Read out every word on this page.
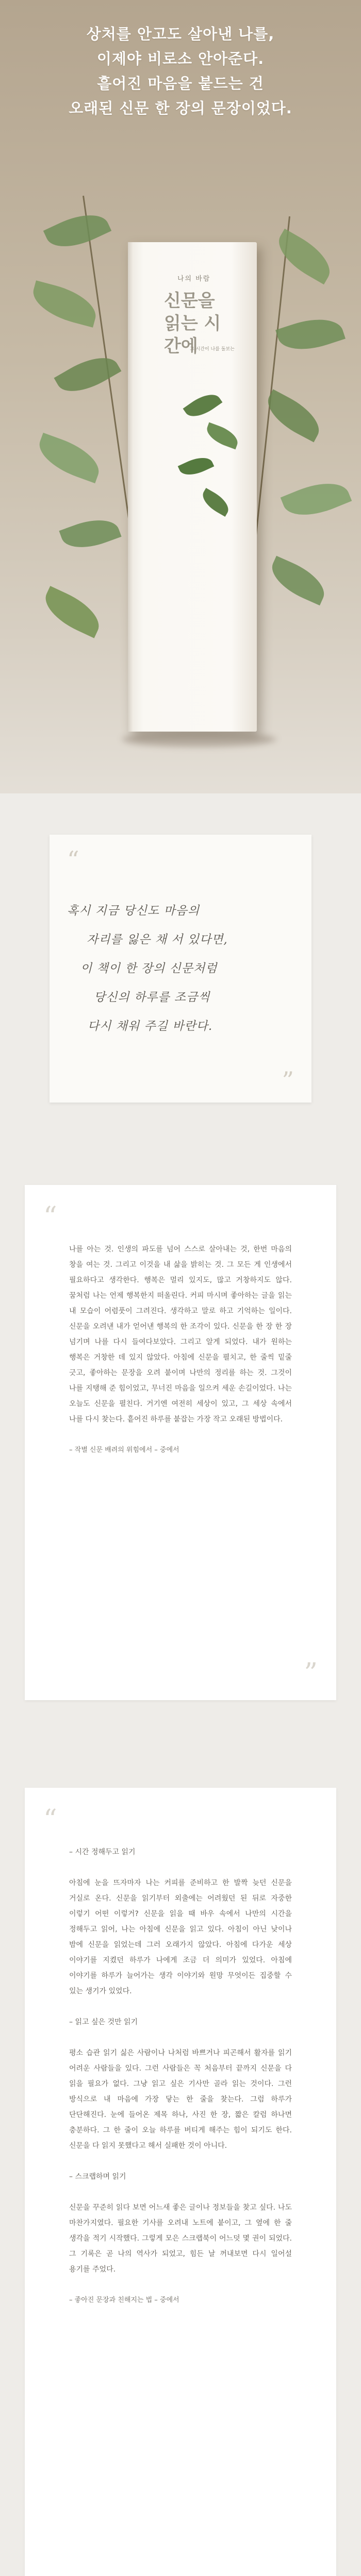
상처를 안고도 살아낸 나를,
이제야 비로소 안아준다.
흩어진 마음을 붙드는 건
오래된 신문 한 장의 문장이었다.
나의 바람
신문을 읽는 시간에
그 시간이 나를 돌보는
“
혹시 지금 당신도 마음의
자리를 잃은 채 서 있다면,
이 책이 한 장의 신문처럼
당신의 하루를 조금씩
다시 채워 주길 바란다.
”
“
나를 아는 것. 인생의 파도를 넘어 스스로 살아내는 것, 한번 마음의 창을 여는 것. 그리고 이것을 내 삶을 밝히는 것. 그 모든 게 인생에서 필요하다고 생각한다. 행복은 멀리 있지도, 많고 거창하지도 않다. 꿈처럼 나는 언제 행복한지 떠올린다. 커피 마시며 좋아하는 글을 읽는 내 모습이 어렴풋이 그려진다. 생각하고 말로 하고 기억하는 일이다. 신문을 오려낸 내가 얻어낸 행복의 한 조각이 있다. 신문을 한 장 한 장 넘기며 나를 다시 들여다보았다. 그리고 알게 되었다. 내가 원하는 행복은 거창한 데 있지 않았다. 아침에 신문을 펼치고, 한 줄씩 밑줄 긋고, 좋아하는 문장을 오려 붙이며 나만의 정리를 하는 것. 그것이 나를 지탱해 준 힘이었고, 무너진 마음을 일으켜 세운 손길이었다. 나는 오늘도 신문을 펼친다. 거기엔 여전히 세상이 있고, 그 세상 속에서 나를 다시 찾는다. 흩어진 하루를 붙잡는 가장 작고 오래된 방법이다.
– 작별 신문 배려의 위힘에서 – 중에서
”
“
– 시간 정해두고 읽기
아침에 눈을 뜨자마자 나는 커피를 준비하고 한 발짝 늦던 신문을 거실로 온다. 신문을 읽기부터 외출에는 어려웠던 된 뒤로 자중한 이렇기 어떤 이렇거? 신문을 읽을 때 바우 속에서 나만의 시간을 정해두고 읽어, 나는 아침에 신문을 읽고 있다. 아침이 아닌 낮이나 밤에 신문을 읽었는데 그러 오래가지 않았다. 아침에 다가운 세상 이야기를 지켰던 하루가 나에게 조금 더 의미가 있었다. 아침에 이야기를 하루가 늘어가는 생각 이야기와 원망 무엇이든 집중할 수 있는 생기가 있었다.
– 읽고 싶은 것만 읽기
평소 습관 읽기 싫은 사람이나 나처럼 바쁘거나 피곤해서 활자를 읽기 어려운 사람들을 있다. 그런 사람들은 꼭 처음부터 끝까지 신문을 다 읽을 필요가 없다. 그냥 읽고 싶은 기사만 골라 읽는 것이다. 그런 방식으로 내 마음에 가장 닿는 한 줄을 찾는다. 그럼 하루가 단단해진다. 눈에 들어온 제목 하나, 사진 한 장, 짧은 칼럼 하나면 충분하다. 그 한 줄이 오늘 하루를 버티게 해주는 힘이 되기도 한다. 신문을 다 읽지 못했다고 해서 실패한 것이 아니다.
– 스크랩하며 읽기
신문을 꾸준히 읽다 보면 어느새 좋은 글이나 정보들을 찾고 싶다. 나도 마찬가지였다. 필요한 기사를 오려내 노트에 붙이고, 그 옆에 한 줄 생각을 적기 시작했다. 그렇게 모은 스크랩북이 어느덧 몇 권이 되었다. 그 기록은 곧 나의 역사가 되었고, 힘든 날 꺼내보면 다시 일어설 용기를 주었다.
– 좋아진 문장과 친해지는 법 – 중에서
